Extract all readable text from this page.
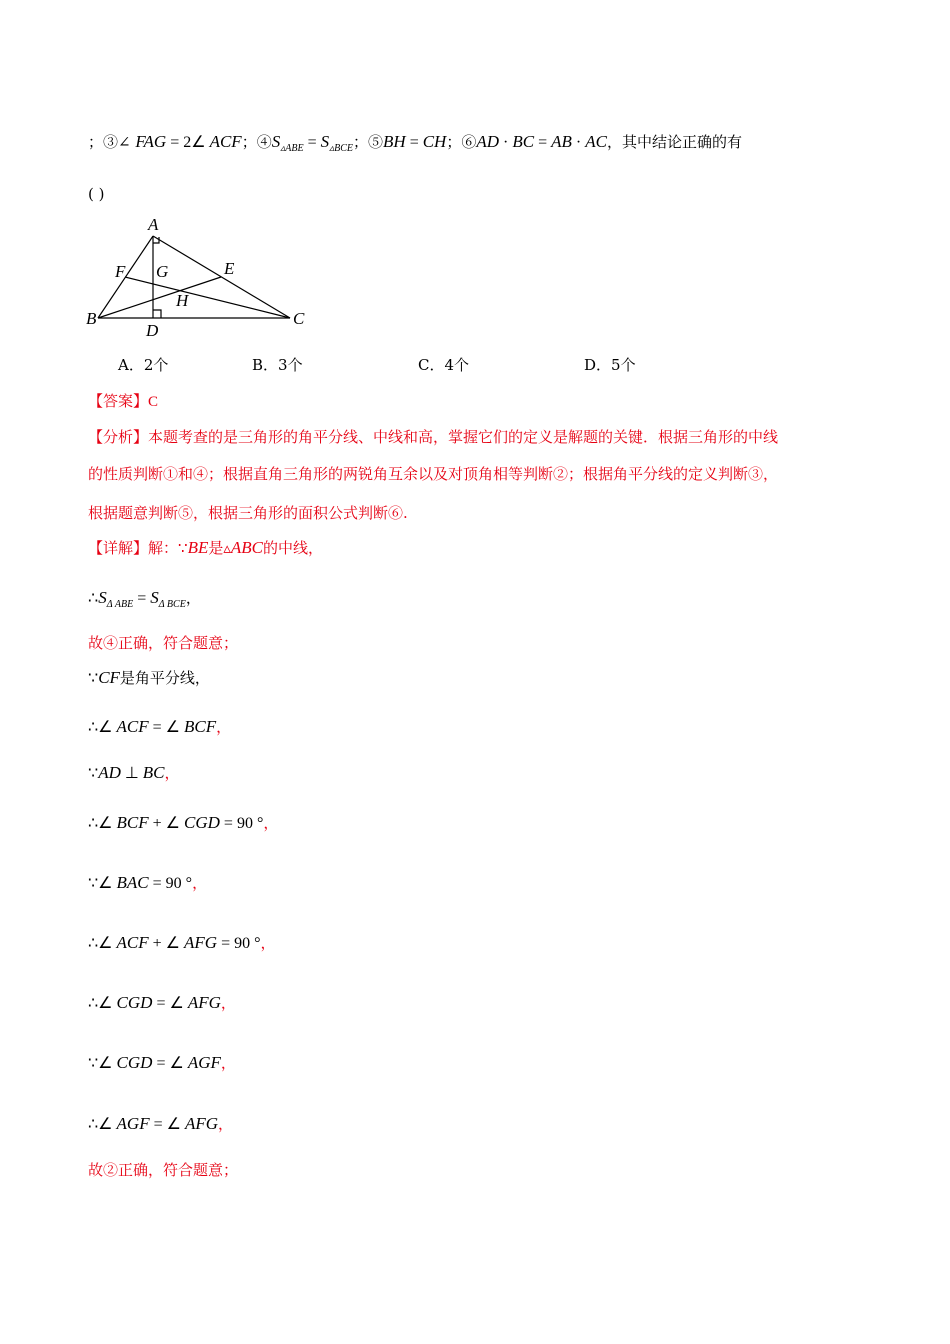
；③∠ FAG = 2∠ ACF；$④S_{▵ABE} = S_{▵BCE}$；⑤BH = CH；⑥AD · BC = AB · AC，其中结论正确的有
( )
A
B	C
D
E
F G
H
A．2个	B．3个	C．4个	D．5个
【答案】C
【分析】本题考查的是三角形的角平分线、中线和高，掌握它们的定义是解题的关键．根据三角形的中线
的性质判断①和④；根据直角三角形的两锐角互余以及对顶角相等判断②；根据角平分线的定义判断③，
根据题意判断⑤，根据三角形的面积公式判断⑥.
【详解】解：∵BE是▵ABC的中线，
$\therefore S_{\Delta ABE} = S_{\Delta BCE}$，
故④正确，符合题意；
∵CF是角平分线，
∴∠ ACF = ∠ BCF，
∵AD ⊥ BC，
∴∠ BCF + ∠ CGD = 90 °，
∵∠ BAC = 90 °，
∴∠ ACF + ∠ AFG = 90 °，
∴∠ CGD = ∠ AFG，
∵∠ CGD = ∠ AGF，
∴∠ AGF = ∠ AFG，
故②正确，符合题意；
